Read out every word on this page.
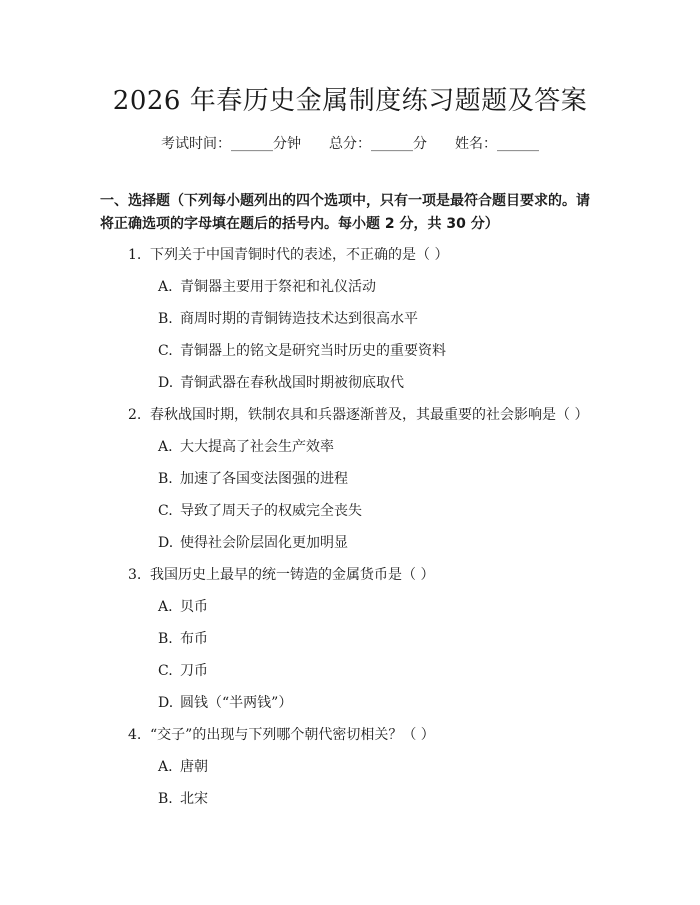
2026 年春历史金属制度练习题题及答案
考试时间：______分钟 总分：______分 姓名：______
一、选择题（下列每小题列出的四个选项中，只有一项是最符合题目要求的。请将正确选项的字母填在题后的括号内。每小题 2 分，共 30 分）
1. 下列关于中国青铜时代的表述，不正确的是（ ）
A. 青铜器主要用于祭祀和礼仪活动
B. 商周时期的青铜铸造技术达到很高水平
C. 青铜器上的铭文是研究当时历史的重要资料
D. 青铜武器在春秋战国时期被彻底取代
2. 春秋战国时期，铁制农具和兵器逐渐普及，其最重要的社会影响是（ ）
A. 大大提高了社会生产效率
B. 加速了各国变法图强的进程
C. 导致了周天子的权威完全丧失
D. 使得社会阶层固化更加明显
3. 我国历史上最早的统一铸造的金属货币是（ ）
A. 贝币
B. 布币
C. 刀币
D. 圆钱（“半两钱”）
4. “交子”的出现与下列哪个朝代密切相关？（ ）
A. 唐朝
B. 北宋
